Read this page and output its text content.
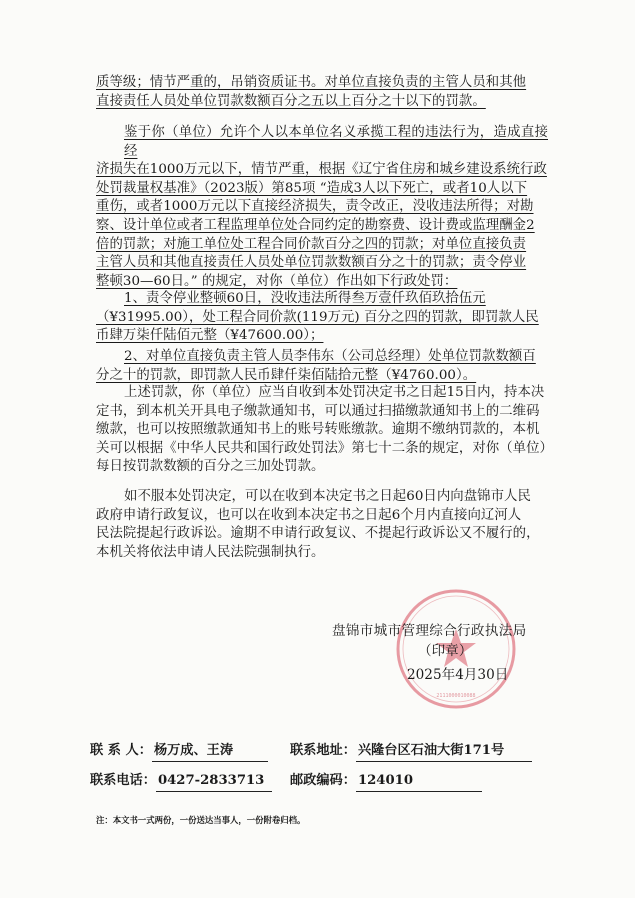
质等级；情节严重的，吊销资质证书。对单位直接负责的主管人员和其他
直接责任人员处单位罚款数额百分之五以上百分之十以下的罚款。
鉴于你（单位）允许个人以本单位名义承揽工程的违法行为，造成直接经
济损失在1000万元以下，情节严重，根据《辽宁省住房和城乡建设系统行政
处罚裁量权基准》（2023版）第85项 “造成3人以下死亡，或者10人以下
重伤，或者1000万元以下直接经济损失，责令改正，没收违法所得；对勘
察、设计单位或者工程监理单位处合同约定的勘察费、设计费或监理酬金2
倍的罚款；对施工单位处工程合同价款百分之四的罚款；对单位直接负责
主管人员和其他直接责任人员处单位罚款数额百分之十的罚款；责令停业
整顿30—60日。” 的规定，对你（单位）作出如下行政处罚：
1、责令停业整顿60日，没收违法所得叁万壹仟玖佰玖拾伍元
（¥31995.00），处工程合同价款(119万元) 百分之四的罚款，即罚款人民
币肆万柒仟陆佰元整（¥47600.00）；
2、对单位直接负责主管人员李伟东（公司总经理）处单位罚款数额百
分之十的罚款，即罚款人民币肆仟柒佰陆拾元整（¥4760.00）。
上述罚款，你（单位）应当自收到本处罚决定书之日起15日内，持本决
定书，到本机关开具电子缴款通知书，可以通过扫描缴款通知书上的二维码
缴款，也可以按照缴款通知书上的账号转账缴款。逾期不缴纳罚款的，本机
关可以根据《中华人民共和国行政处罚法》第七十二条的规定，对你（单位）
每日按罚款数额的百分之三加处罚款。
如不服本处罚决定，可以在收到本决定书之日起60日内向盘锦市人民
政府申请行政复议，也可以在收到本决定书之日起6个月内直接向辽河人
民法院提起行政诉讼。逾期不申请行政复议、不提起行政诉讼又不履行的，
本机关将依法申请人民法院强制执行。
2111000010088
盘锦市城市管理综合行政执法局
（印章）
2025年4月30日
联 系 人： 杨万成、王涛	联系地址： 兴隆台区石油大街171号
联系电话： 0427-2833713	邮政编码： 124010
注：本文书一式两份，一份送达当事人，一份附卷归档。
